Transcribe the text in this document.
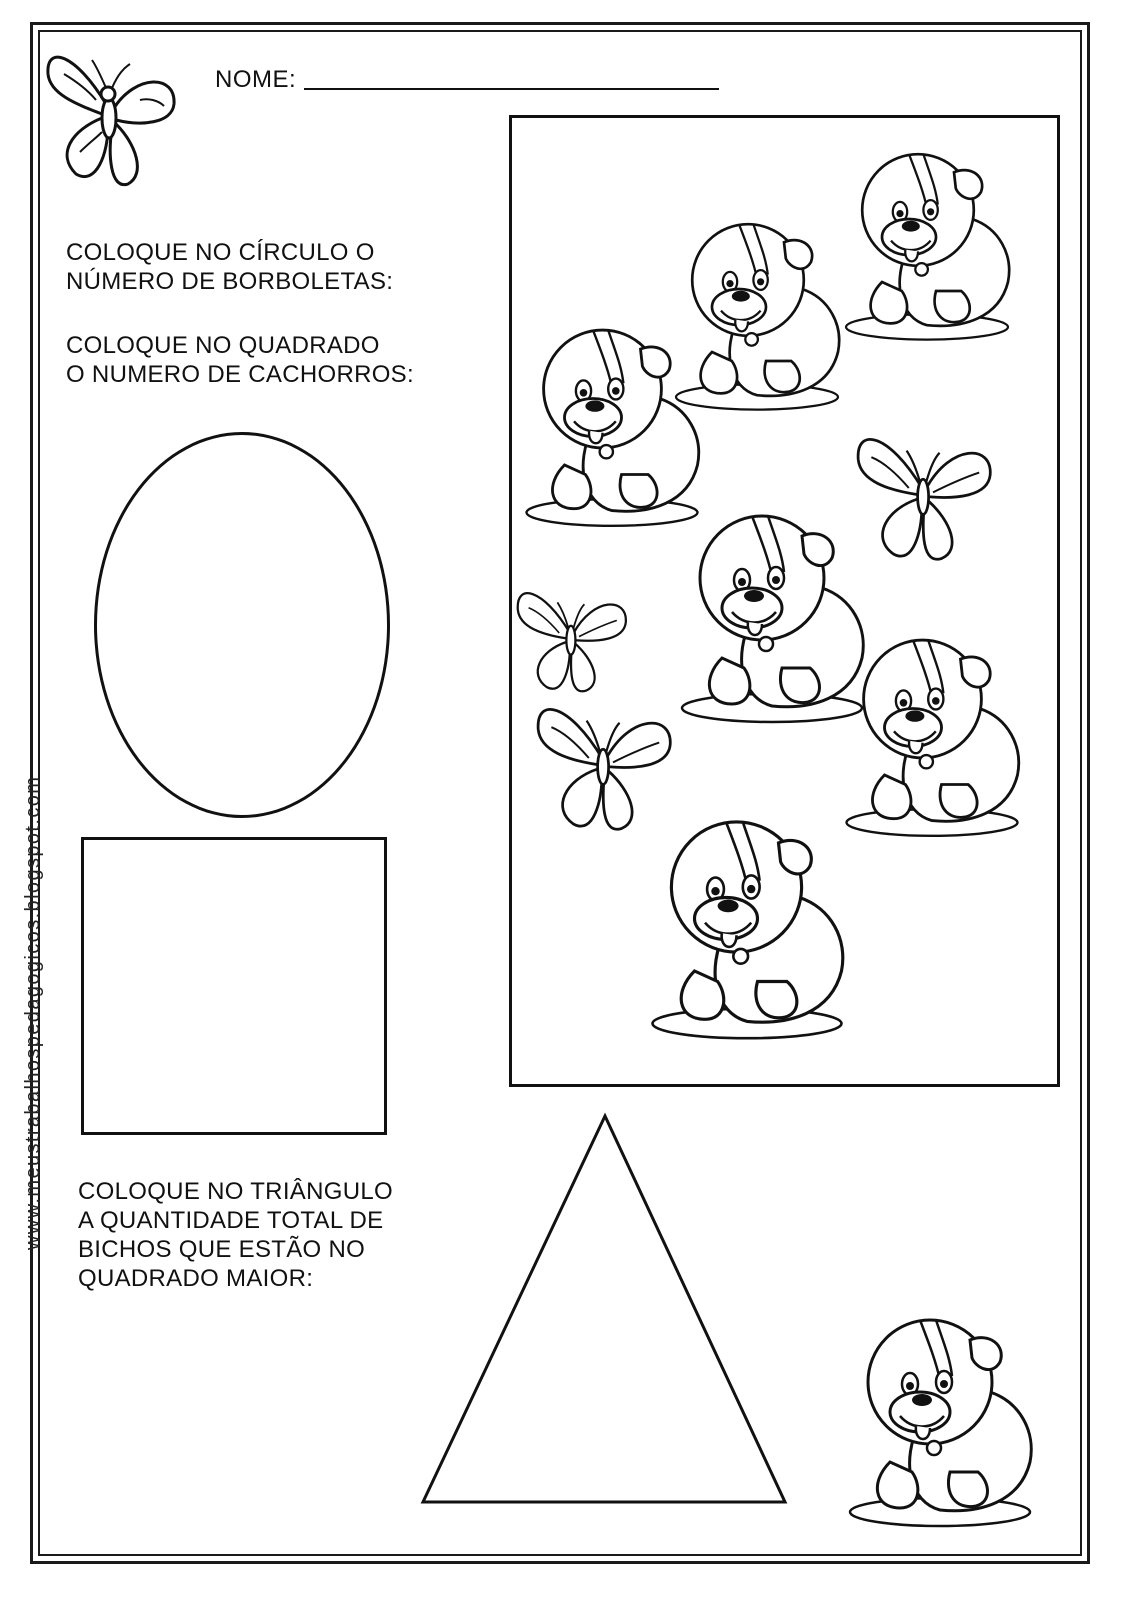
NOME:
COLOQUE NO CÍRCULO O
NÚMERO DE BORBOLETAS:
COLOQUE NO QUADRADO
O NUMERO DE CACHORROS:
COLOQUE NO TRIÂNGULO
A QUANTIDADE TOTAL DE
BICHOS QUE ESTÃO NO
QUADRADO MAIOR:
www.meustrabalhospedagogicos.blogspot.com
